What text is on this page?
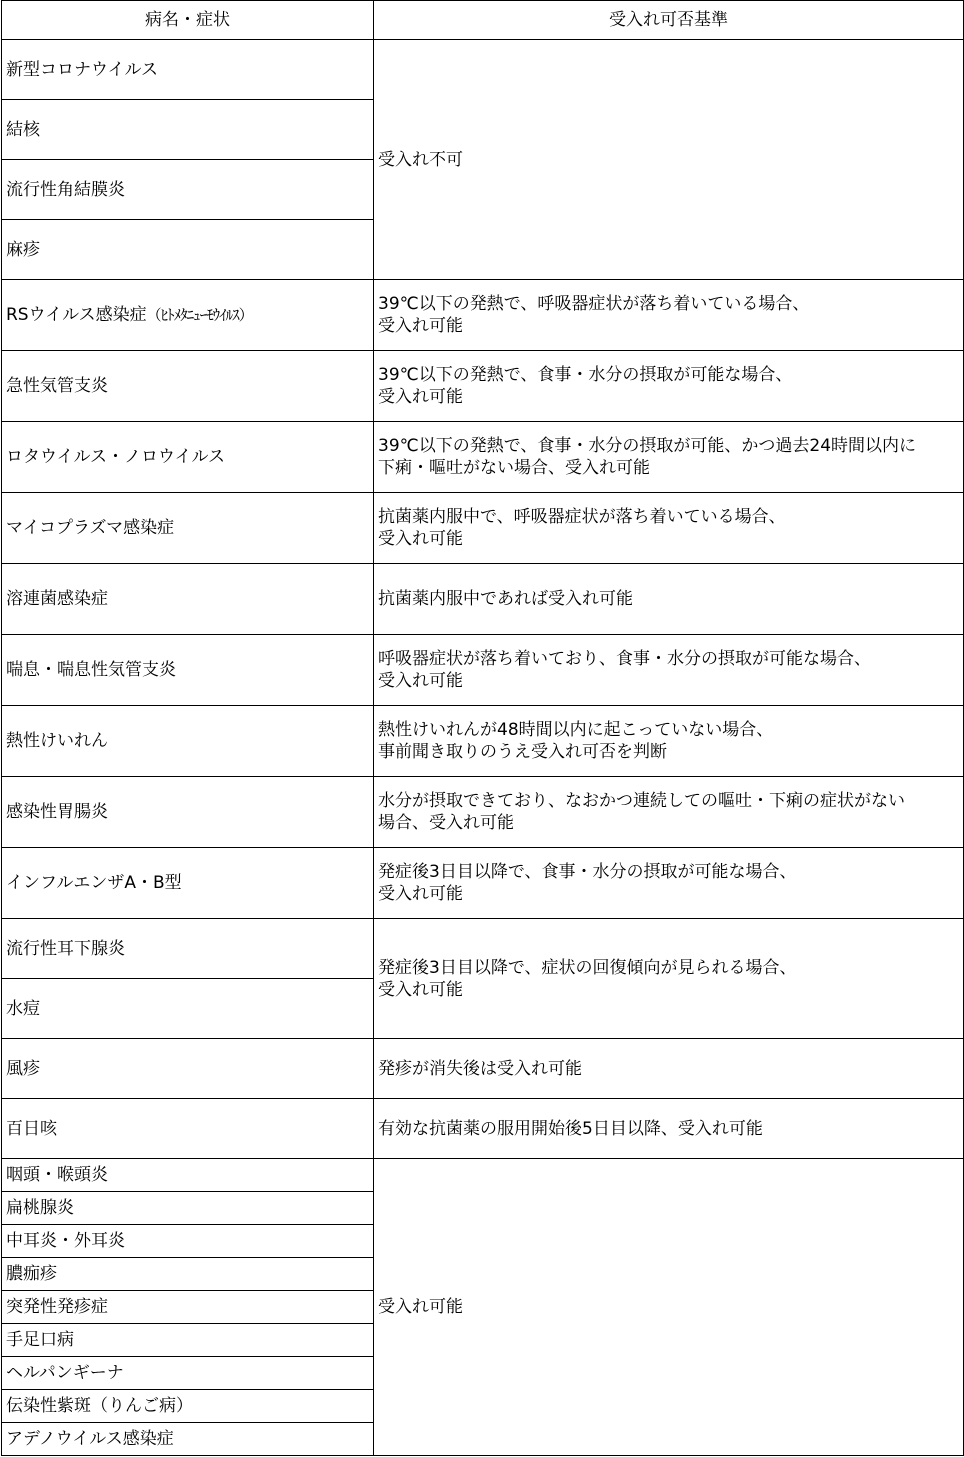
病名・症状	受入れ可否基準
新型コロナウイルス	受入れ不可
結核	
流行性角結膜炎	
麻疹	
RSウイルス感染症（ﾋﾄﾒﾀﾆｭｰﾓｳｲﾙｽ）	39℃以下の発熱で、呼吸器症状が落ち着いている場合、
受入れ可能

急性気管支炎	39℃以下の発熱で、食事・水分の摂取が可能な場合、
受入れ可能

ロタウイルス・ノロウイルス	39℃以下の発熱で、食事・水分の摂取が可能、かつ過去24時間以内に
下痢・嘔吐がない場合、受入れ可能

マイコプラズマ感染症	抗菌薬内服中で、呼吸器症状が落ち着いている場合、
受入れ可能

溶連菌感染症	抗菌薬内服中であれば受入れ可能
喘息・喘息性気管支炎	呼吸器症状が落ち着いており、食事・水分の摂取が可能な場合、
受入れ可能

熱性けいれん	熱性けいれんが48時間以内に起こっていない場合、
事前聞き取りのうえ受入れ可否を判断

感染性胃腸炎	水分が摂取できており、なおかつ連続しての嘔吐・下痢の症状がない
場合、受入れ可能

インフルエンザA・B型	発症後3日目以降で、食事・水分の摂取が可能な場合、
受入れ可能

流行性耳下腺炎	発症後3日目以降で、症状の回復傾向が見られる場合、
受入れ可能

水痘	
風疹	発疹が消失後は受入れ可能
百日咳	有効な抗菌薬の服用開始後5日目以降、受入れ可能
咽頭・喉頭炎	受入れ可能
扁桃腺炎	
中耳炎・外耳炎	
膿痂疹	
突発性発疹症	
手足口病	
ヘルパンギーナ	
伝染性紫斑（りんご病）	
アデノウイルス感染症	
